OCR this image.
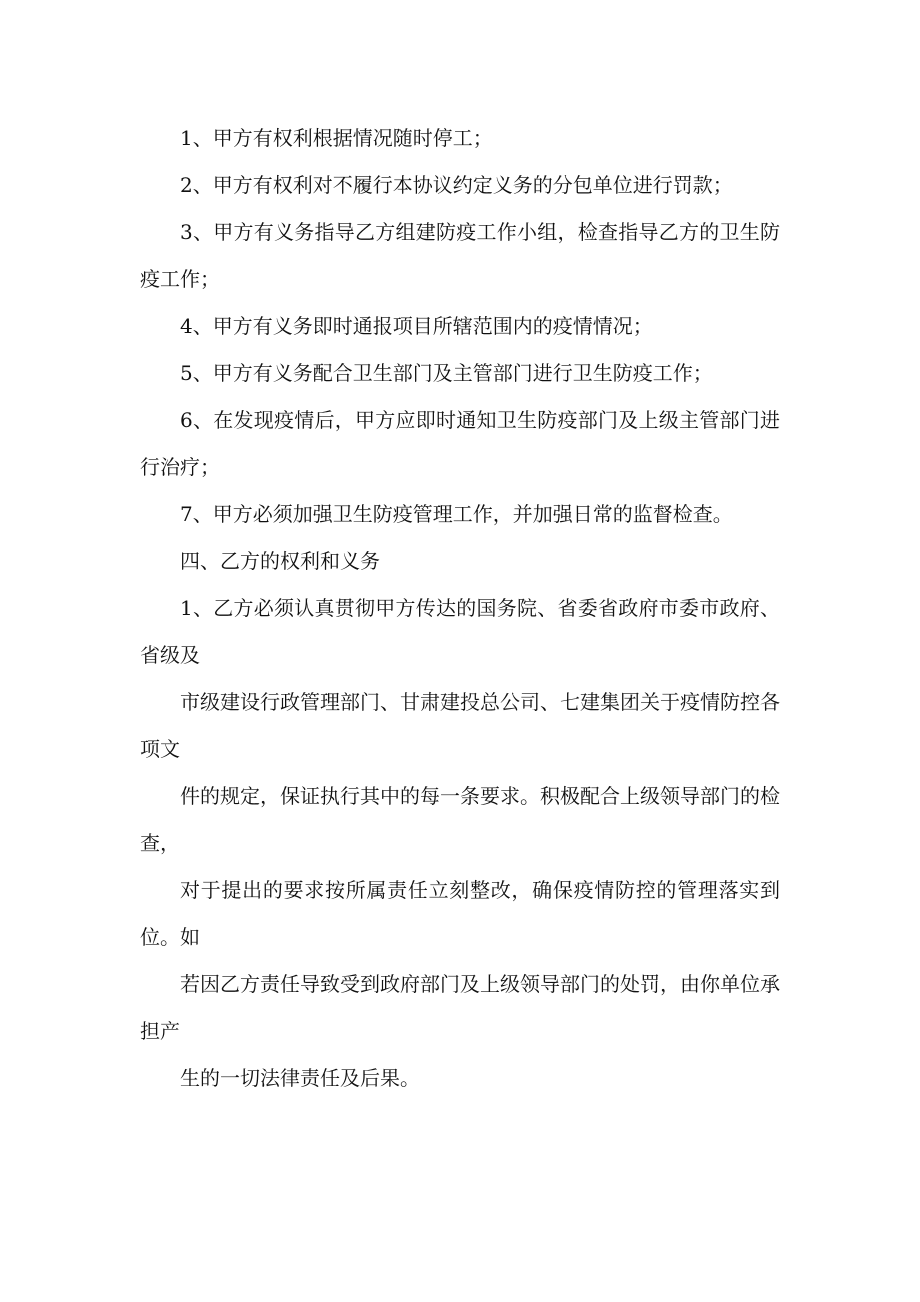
1、甲方有权利根据情况随时停工；

2、甲方有权利对不履行本协议约定义务的分包单位进行罚款；

3、甲方有义务指导乙方组建防疫工作小组，检查指导乙方的卫生防疫工作；

4、甲方有义务即时通报项目所辖范围内的疫情情况；

5、甲方有义务配合卫生部门及主管部门进行卫生防疫工作；

6、在发现疫情后，甲方应即时通知卫生防疫部门及上级主管部门进行治疗；

7、甲方必须加强卫生防疫管理工作，并加强日常的监督检查。

四、乙方的权利和义务

1、乙方必须认真贯彻甲方传达的国务院、省委省政府市委市政府、省级及

市级建设行政管理部门、甘肃建投总公司、七建集团关于疫情防控各项文

件的规定，保证执行其中的每一条要求。积极配合上级领导部门的检查，

对于提出的要求按所属责任立刻整改，确保疫情防控的管理落实到位。如

若因乙方责任导致受到政府部门及上级领导部门的处罚，由你单位承担产

生的一切法律责任及后果。
